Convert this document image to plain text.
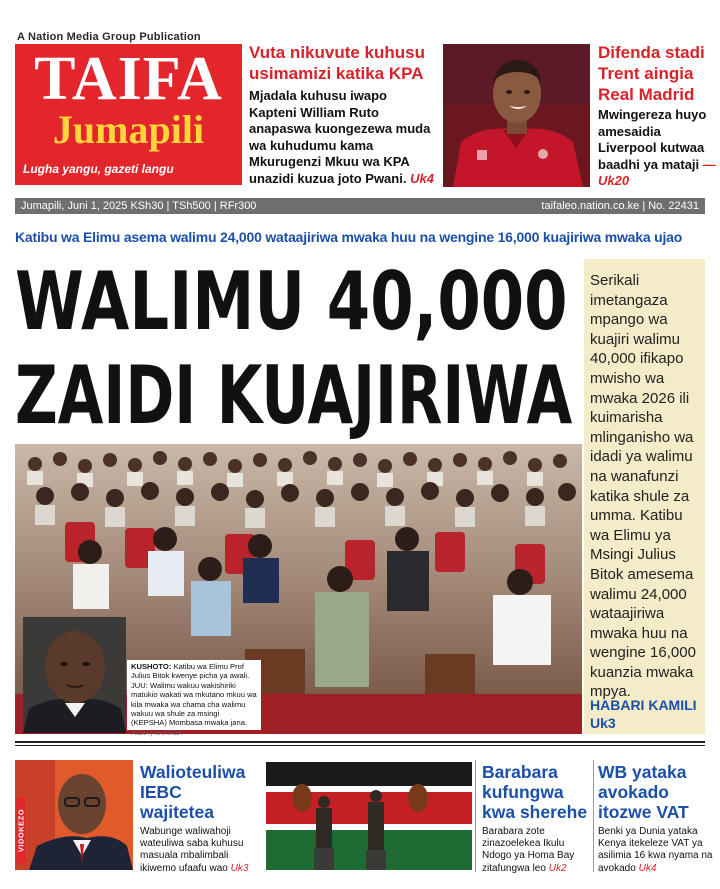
A Nation Media Group Publication
TAIFA
Jumapili
Lugha yangu, gazeti langu
Vuta nikuvute kuhusu usimamizi katika KPA
Mjadala kuhusu iwapo Kapteni William Ruto anapaswa kuongezewa muda wa kuhudumu kama Mkurugenzi Mkuu wa KPA unazidi kuzua joto Pwani. Uk4
Difenda stadi Trent aingia Real Madrid
Mwingereza huyo amesaidia Liverpool kutwaa baadhi ya mataji — Uk20
Jumapili, Juni 1, 2025 KSh30 | TSh500 | RFr300	taifaleo.nation.co.ke | No. 22431
Katibu wa Elimu asema walimu 24,000 wataajiriwa mwaka huu na wengine 16,000 kuajiriwa mwaka ujao
WALIMU 40,000
ZAIDI KUAJIRIWA
KUSHOTO: Katibu wa Elimu Prof Julius Bitok kwenye picha ya awali. JUU: Walimu wakuu wakishiriki matukio wakati wa mkutano mkuu wa kila mwaka wa chama cha walimu wakuu wa shule za msingi (KEPSHA) Mombasa mwaka jana. PICHA | MAKTABA
Serikali imetangaza mpango wa kuajiri walimu 40,000 ifikapo mwisho wa mwaka 2026 ili kuimarisha mlinganisho wa idadi ya walimu na wanafunzi katika shule za umma. Katibu wa Elimu ya Msingi Julius Bitok amesema walimu 24,000 wataajiriwa mwaka huu na wengine 16,000 kuanzia mwaka mpya.
HABARI KAMILI Uk3
VIDOKEZO
Walioteuliwa IEBC wajitetea
Wabunge waliwahoji wateuliwa saba kuhusu masuala mbalimbali ikiwemo ufaafu wao Uk3
Barabara kufungwa kwa sherehe
Barabara zote zinazoelekea Ikulu Ndogo ya Homa Bay zitafungwa leo Uk2
WB yataka avokado itozwe VAT
Benki ya Dunia yataka Kenya itekeleze VAT ya asilimia 16 kwa nyama na avokado Uk4
